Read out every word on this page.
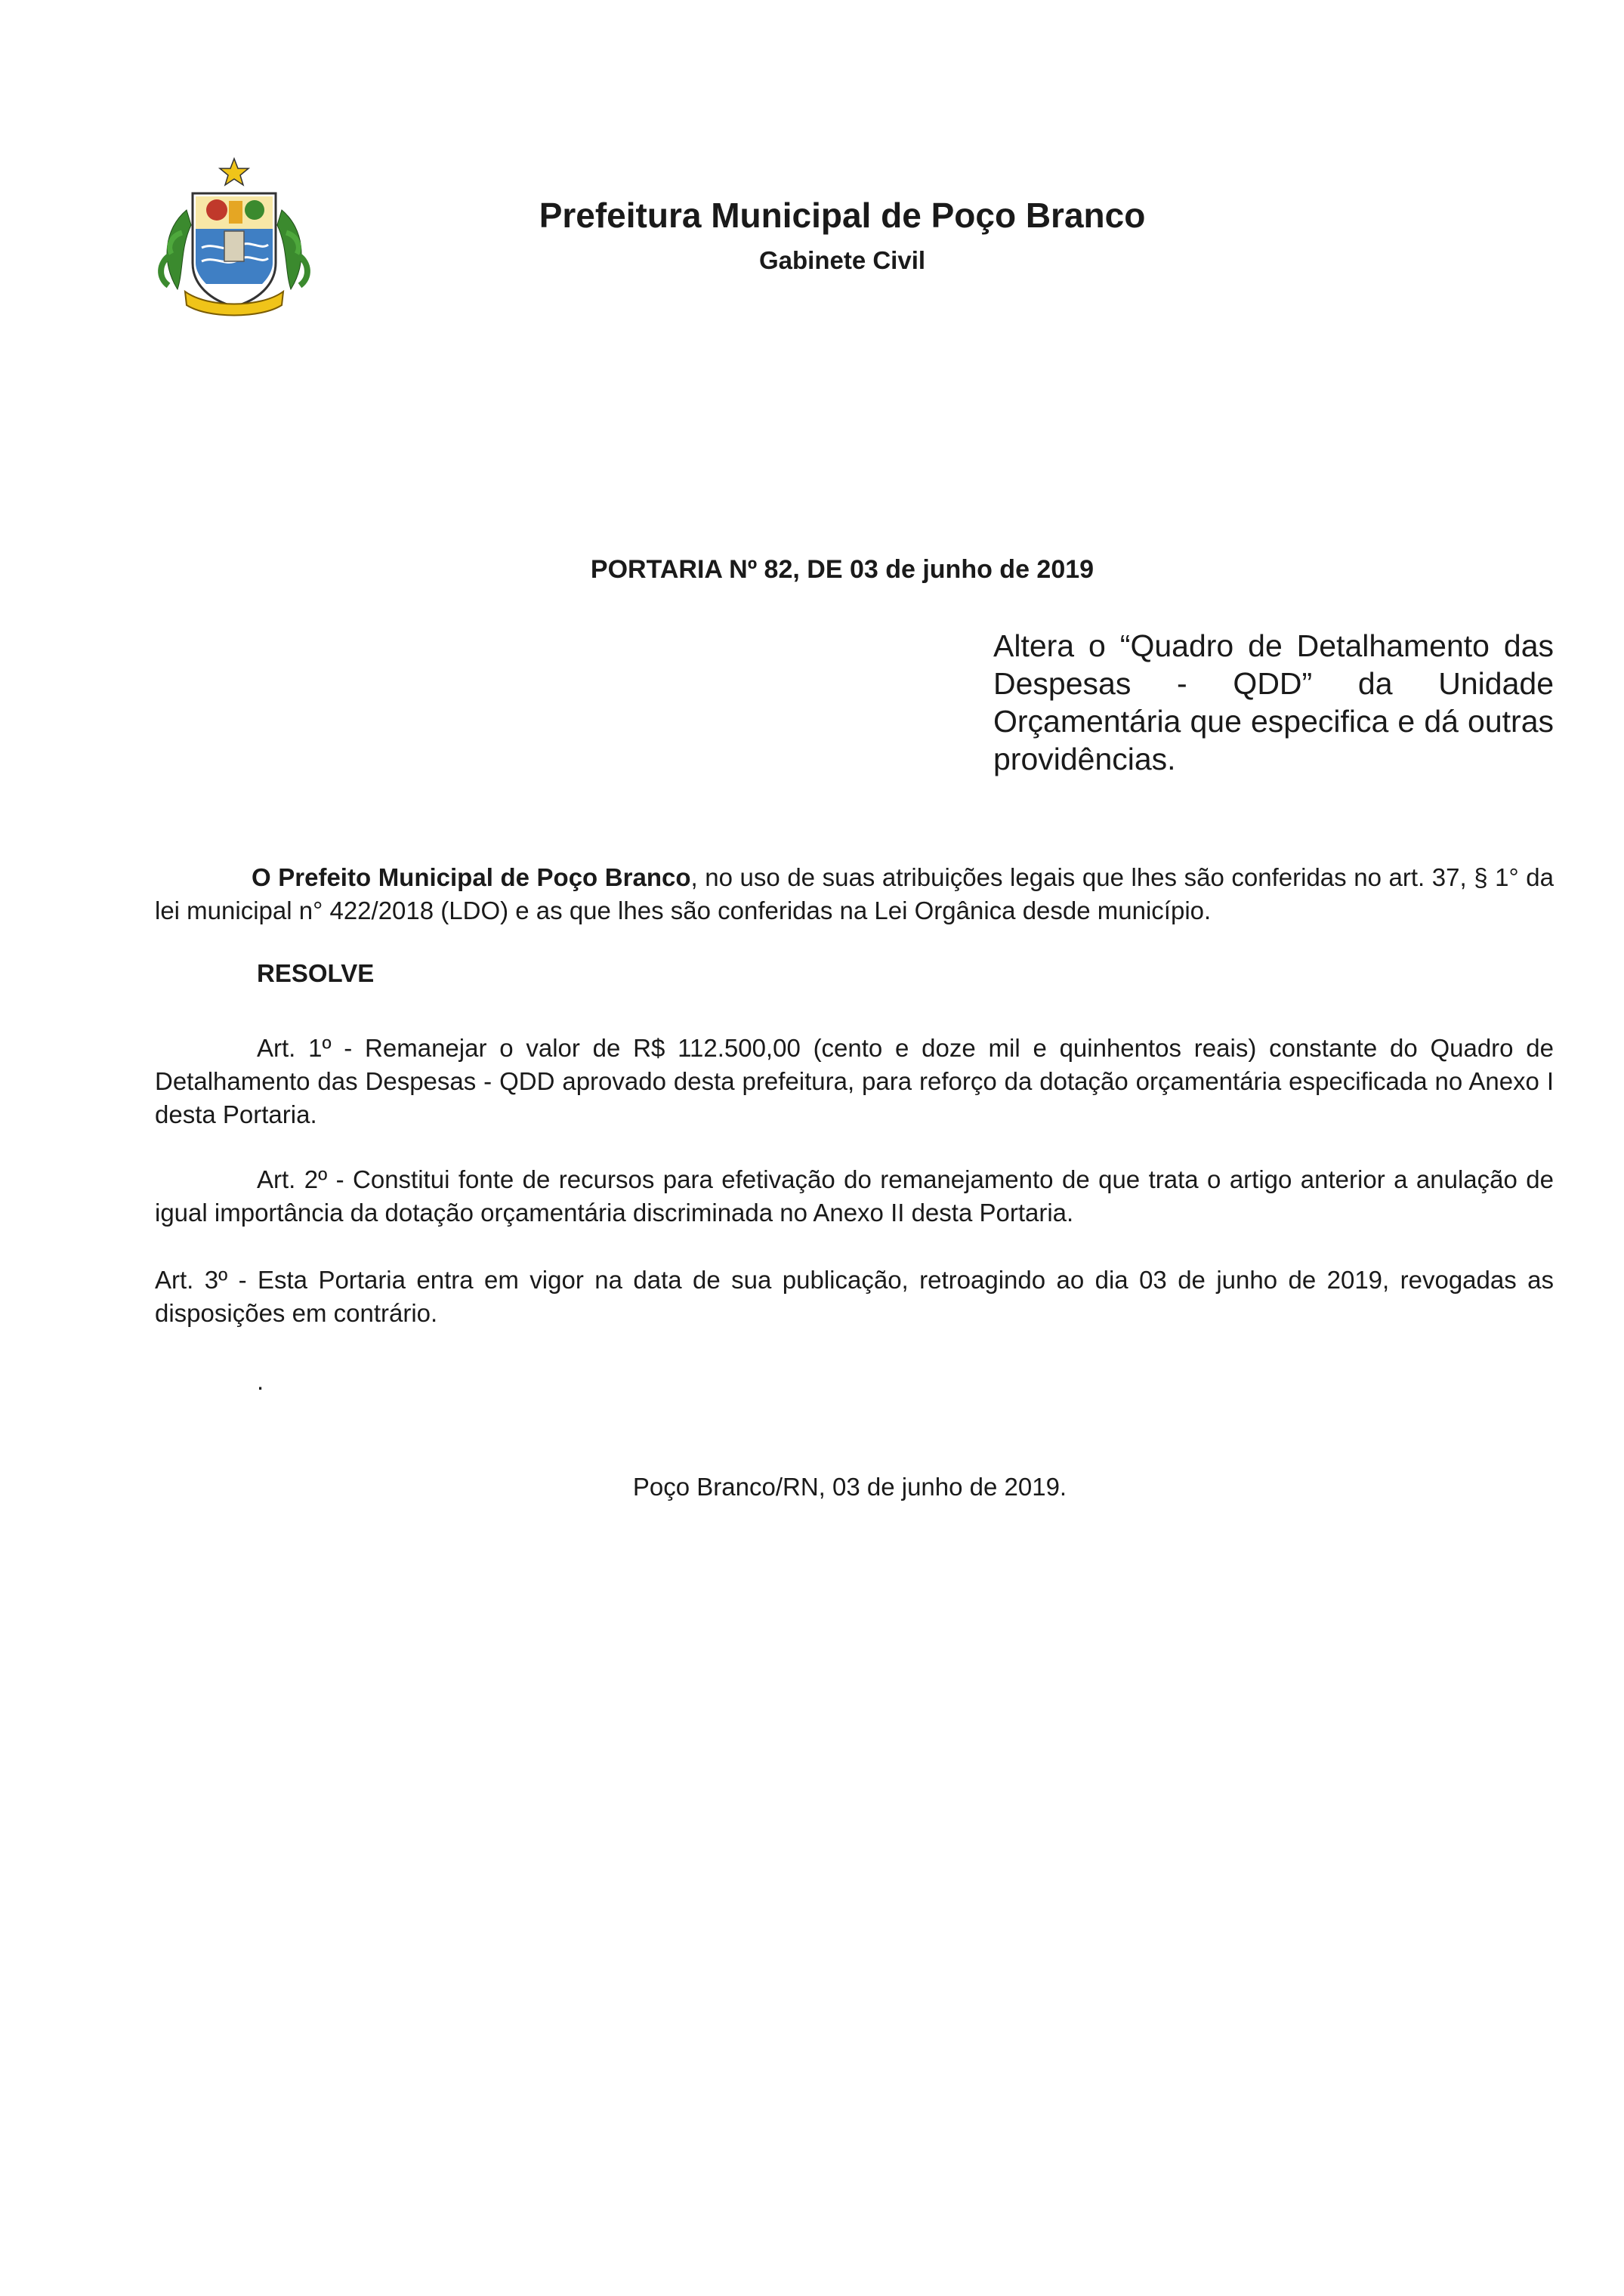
Prefeitura Municipal de Poço Branco
Gabinete Civil
PORTARIA Nº 82, DE 03 de junho de 2019
Altera o “Quadro de Detalhamento das Despesas - QDD” da Unidade Orçamentária que especifica e dá outras providências.
O Prefeito Municipal de Poço Branco, no uso de suas atribuições legais que lhes são conferidas no art. 37, § 1° da lei municipal n° 422/2018 (LDO) e as que lhes são conferidas na Lei Orgânica desde município.
RESOLVE
Art. 1º - Remanejar o valor de R$ 112.500,00 (cento e doze mil e quinhentos reais) constante do Quadro de Detalhamento das Despesas - QDD aprovado desta prefeitura, para reforço da dotação orçamentária especificada no Anexo I desta Portaria.
Art. 2º - Constitui fonte de recursos para efetivação do remanejamento de que trata o artigo anterior a anulação de igual importância da dotação orçamentária discriminada no Anexo II desta Portaria.
Art. 3º - Esta Portaria entra em vigor na data de sua publicação, retroagindo ao dia 03 de junho de 2019, revogadas as disposições em contrário.
.
Poço Branco/RN, 03 de junho de 2019.
